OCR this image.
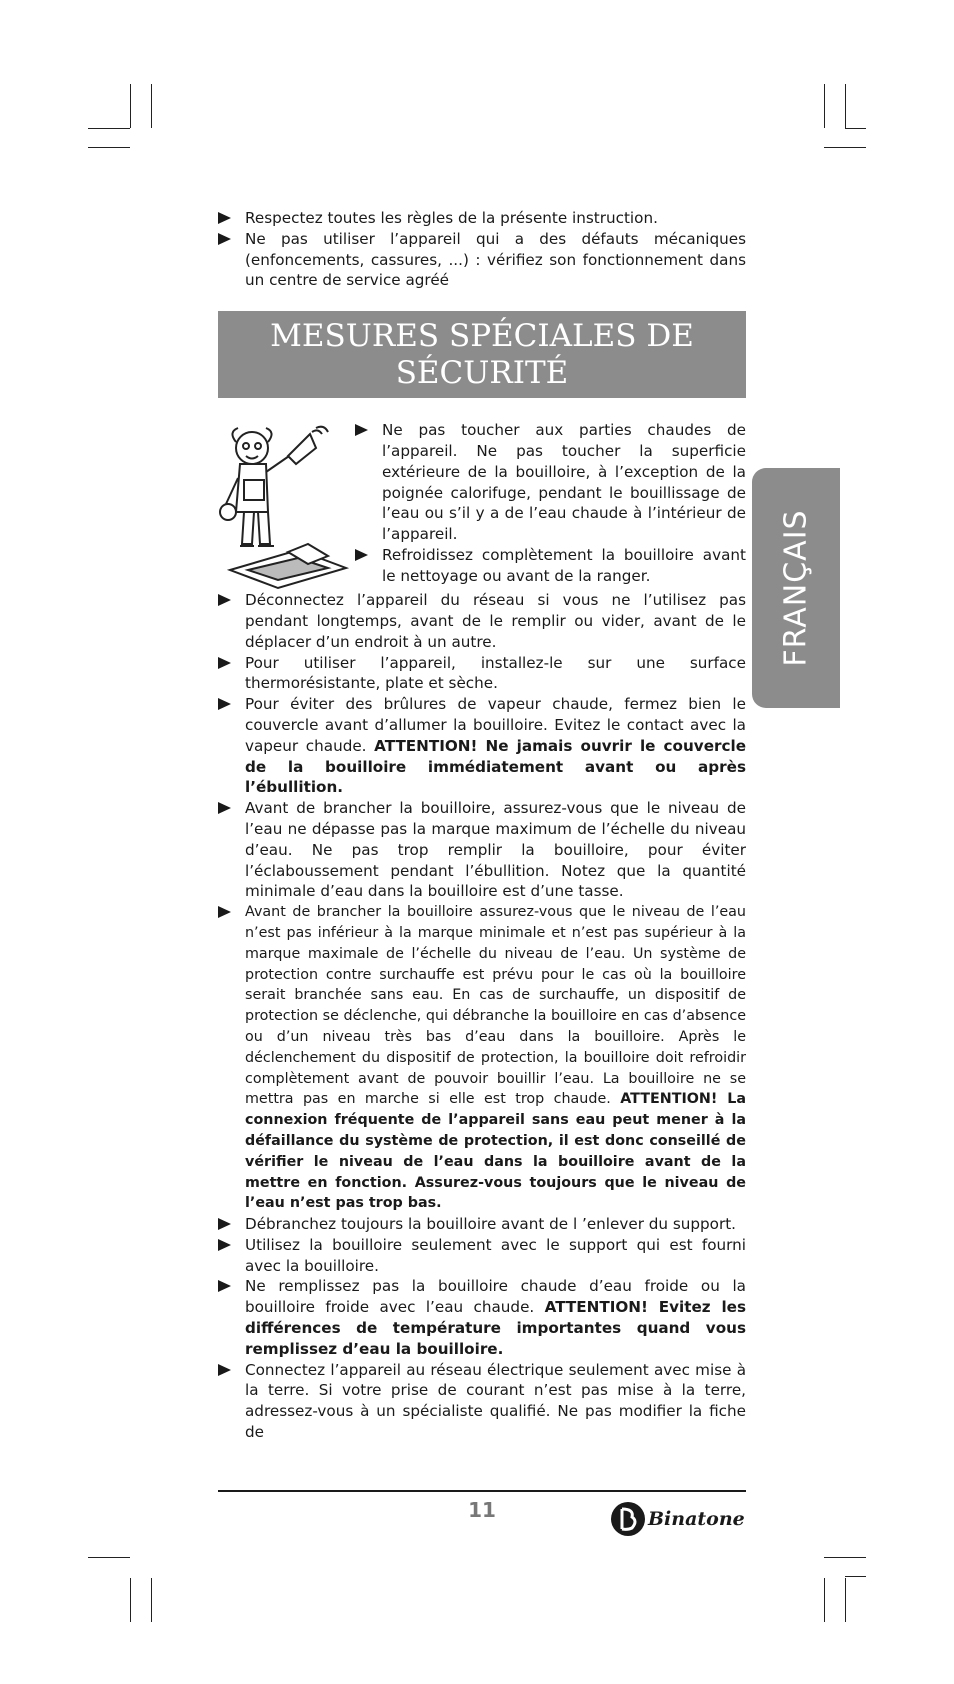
Respectez toutes les règles de la présente instruction.

Ne pas utiliser l’appareil qui a des défauts mécaniques (enfoncements, cassures, ...) : vérifiez son fonctionnement dans un centre de service agréé

MESURES SPÉCIALES DE SÉCURITÉ

Ne pas toucher aux parties chaudes de l’appareil. Ne pas toucher la superficie extérieure de la bouilloire, à l’exception de la poignée calorifuge, pendant le bouillissage de l’eau ou s’il y a de l’eau chaude à l’intérieur de l’appareil.

Refroidissez complètement la bouilloire avant le nettoyage ou avant de la ranger.

Déconnectez l’appareil du réseau si vous ne l’utilisez pas pendant longtemps, avant de le remplir ou vider, avant de le déplacer d’un endroit à un autre.

Pour utiliser l’appareil, installez-le sur une surface thermorésistante, plate et sèche.

Pour éviter des brûlures de vapeur chaude, fermez bien le couvercle avant d’allumer la bouilloire. Evitez le contact avec la vapeur chaude. ATTENTION! Ne jamais ouvrir le couvercle de la bouilloire immédiatement avant ou après l’ébullition.

Avant de brancher la bouilloire, assurez-vous que le niveau de l’eau ne dépasse pas la marque maximum de l’échelle du niveau d’eau. Ne pas trop remplir la bouilloire, pour éviter l’éclaboussement pendant l’ébullition. Notez que la quantité minimale d’eau dans la bouilloire est d’une tasse.

Avant de brancher la bouilloire assurez-vous que le niveau de l’eau n’est pas inférieur à la marque minimale et n’est pas supérieur à la marque maximale de l’échelle du niveau de l’eau. Un système de protection contre surchauffe est prévu pour le cas où la bouilloire serait branchée sans eau. En cas de surchauffe, un dispositif de protection se déclenche, qui débranche la bouilloire en cas d’absence ou d’un niveau très bas d’eau dans la bouilloire. Après le déclenchement du dispositif de protection, la bouilloire doit refroidir complètement avant de pouvoir bouillir l’eau. La bouilloire ne se mettra pas en marche si elle est trop chaude. ATTENTION! La connexion fréquente de l’appareil sans eau peut mener à la défaillance du système de protection, il est donc conseillé de vérifier le niveau de l’eau dans la bouilloire avant de la mettre en fonction. Assurez-vous toujours que le niveau de l’eau n’est pas trop bas.

Débranchez toujours la bouilloire avant de l ’enlever du support.

Utilisez la bouilloire seulement avec le support qui est fourni avec la bouilloire.

Ne remplissez pas la bouilloire chaude d’eau froide ou la bouilloire froide avec l’eau chaude. ATTENTION! Evitez les différences de température importantes quand vous remplissez d’eau la bouilloire.

Connectez l’appareil au réseau électrique seulement avec mise à la terre. Si votre prise de courant n’est pas mise à la terre, adressez-vous à un spécialiste qualifié. Ne pas modifier la fiche de

FRANÇAIS
11	Binatone
